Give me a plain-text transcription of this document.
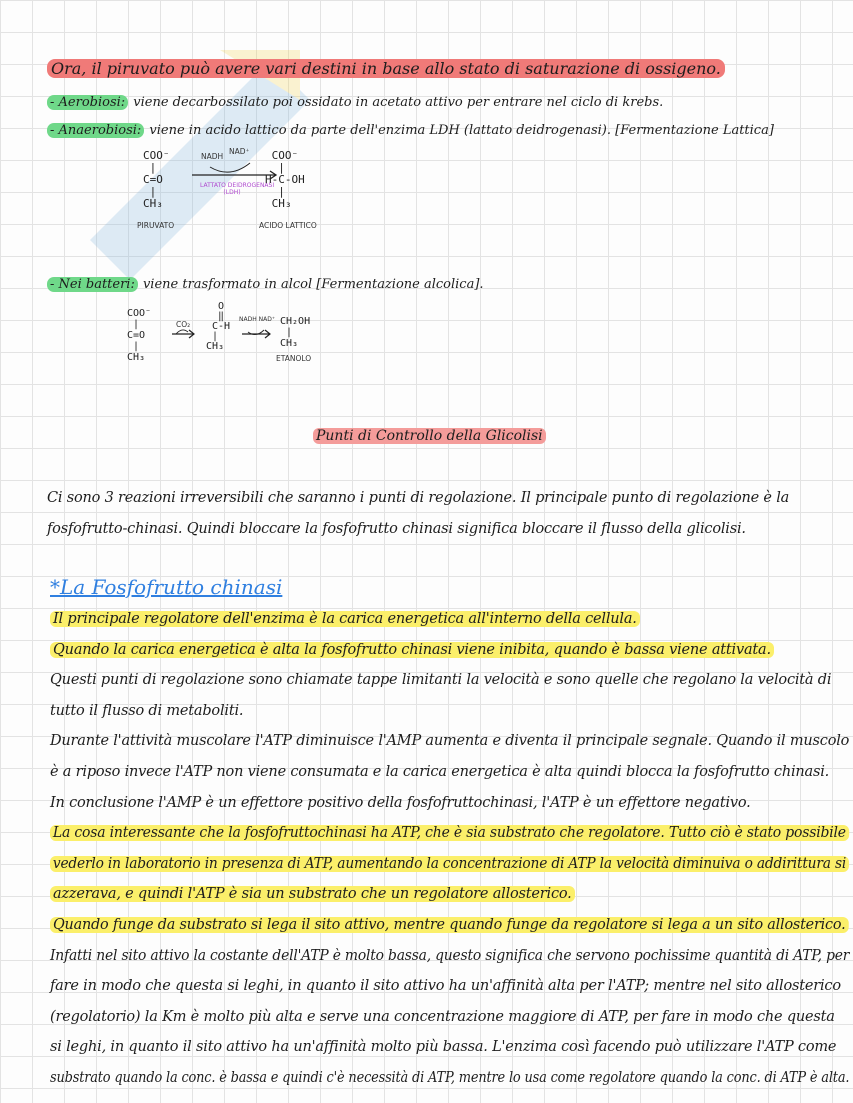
Ora, il piruvato può avere vari destini in base allo stato di saturazione di ossigeno.
- Aerobiosi: viene decarbossilato poi ossidato in acetato attivo per entrare nel ciclo di krebs.
- Anaerobiosi: viene in acido lattico da parte dell'enzima LDH (lattato deidrogenasi). [Fermentazione Lattica]
COO⁻
|
C=O
|
CH₃
PIRUVATO
NADH
NAD⁺
LATTATO DEIDROGENASI
(LDH)
COO⁻
|
H-C-OH
|
CH₃
ACIDO LATTICO
- Nei batteri: viene trasformato in alcol [Fermentazione alcolica].
COO⁻
|
C=O
|
CH₃
CO₂
O
‖
C-H
|
CH₃
NADH NAD⁺ CH₂OH
|
CH₃
ETANOLO
Punti di Controllo della Glicolisi
Ci sono 3 reazioni irreversibili che saranno i punti di regolazione. Il principale punto di regolazione è la
fosfofrutto-chinasi. Quindi bloccare la fosfofrutto chinasi significa bloccare il flusso della glicolisi.
*La Fosfofrutto chinasi
Il principale regolatore dell'enzima è la carica energetica all'interno della cellula.
Quando la carica energetica è alta la fosfofrutto chinasi viene inibita, quando è bassa viene attivata.
Questi punti di regolazione sono chiamate tappe limitanti la velocità e sono quelle che regolano la velocità di
tutto il flusso di metaboliti.
Durante l'attività muscolare l'ATP diminuisce l'AMP aumenta e diventa il principale segnale. Quando il muscolo
è a riposo invece l'ATP non viene consumata e la carica energetica è alta quindi blocca la fosfofrutto chinasi.
In conclusione l'AMP è un effettore positivo della fosfofruttochinasi, l'ATP è un effettore negativo.
La cosa interessante che la fosfofruttochinasi ha ATP, che è sia substrato che regolatore. Tutto ciò è stato possibile
vederlo in laboratorio in presenza di ATP, aumentando la concentrazione di ATP la velocità diminuiva o addirittura si
azzerava, e quindi l'ATP è sia un substrato che un regolatore allosterico.
Quando funge da substrato si lega il sito attivo, mentre quando funge da regolatore si lega a un sito allosterico.
Infatti nel sito attivo la costante dell'ATP è molto bassa, questo significa che servono pochissime quantità di ATP, per
fare in modo che questa si leghi, in quanto il sito attivo ha un'affinità alta per l'ATP; mentre nel sito allosterico
(regolatorio) la Km è molto più alta e serve una concentrazione maggiore di ATP, per fare in modo che questa
si leghi, in quanto il sito attivo ha un'affinità molto più bassa. L'enzima così facendo può utilizzare l'ATP come
substrato quando la conc. è bassa e quindi c'è necessità di ATP, mentre lo usa come regolatore quando la conc. di ATP è alta.
